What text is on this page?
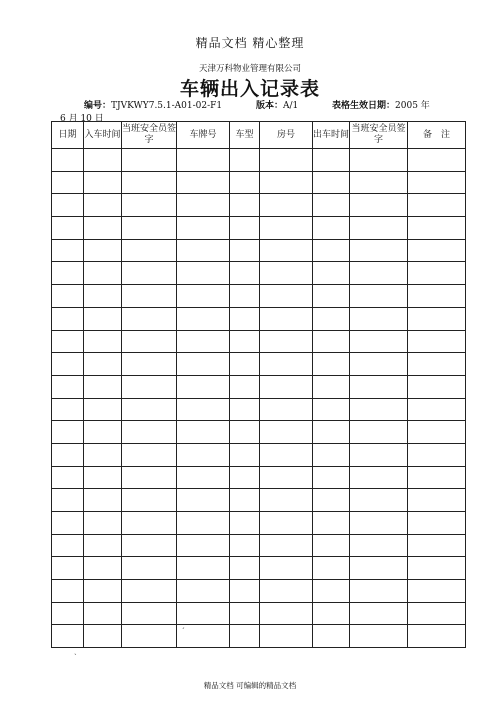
精品文档 精心整理
天津万科物业管理有限公司
车辆出入记录表
编号：TJVKWY7.5.1-A01-02-F1	版本：A/1	表格生效日期：2005 年
6 月 10 日
日期	入车时间	当班安全员签字	车牌号	车型	房号	出车时间	当班安全员签字	备　注

ˊ
ˏ
精品文档 可编辑的精品文档
